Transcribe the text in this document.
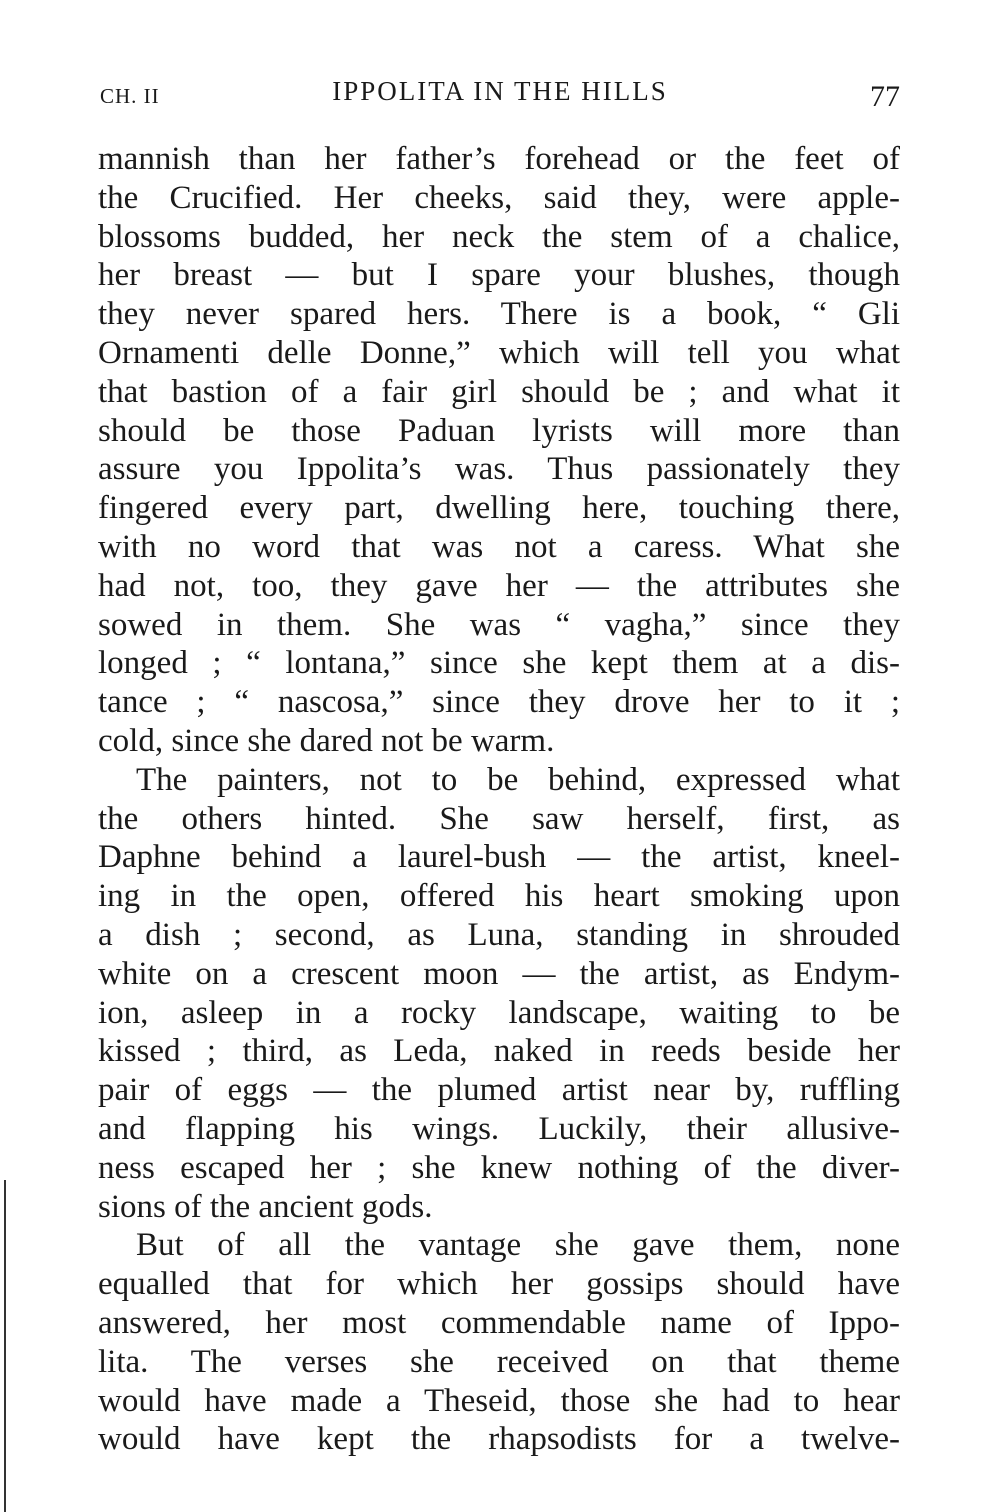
CH. II	IPPOLITA IN THE HILLS	77
mannish than her father’s forehead or the feet of
the Crucified. Her cheeks, said they, were apple-
blossoms budded, her neck the stem of a chalice,
her breast — but I spare your blushes, though
they never spared hers. There is a book, “ Gli
Ornamenti delle Donne,” which will tell you what
that bastion of a fair girl should be ; and what it
should be those Paduan lyrists will more than
assure you Ippolita’s was. Thus passionately they
fingered every part, dwelling here, touching there,
with no word that was not a caress. What she
had not, too, they gave her — the attributes she
sowed in them. She was “ vagha,” since they
longed ; “ lontana,” since she kept them at a dis-
tance ; “ nascosa,” since they drove her to it ;
cold, since she dared not be warm.
The painters, not to be behind, expressed what
the others hinted. She saw herself, first, as
Daphne behind a laurel-bush — the artist, kneel-
ing in the open, offered his heart smoking upon
a dish ; second, as Luna, standing in shrouded
white on a crescent moon — the artist, as Endym-
ion, asleep in a rocky landscape, waiting to be
kissed ; third, as Leda, naked in reeds beside her
pair of eggs — the plumed artist near by, ruffling
and flapping his wings. Luckily, their allusive-
ness escaped her ; she knew nothing of the diver-
sions of the ancient gods.
But of all the vantage she gave them, none
equalled that for which her gossips should have
answered, her most commendable name of Ippo-
lita. The verses she received on that theme
would have made a Theseid, those she had to hear
would have kept the rhapsodists for a twelve-
